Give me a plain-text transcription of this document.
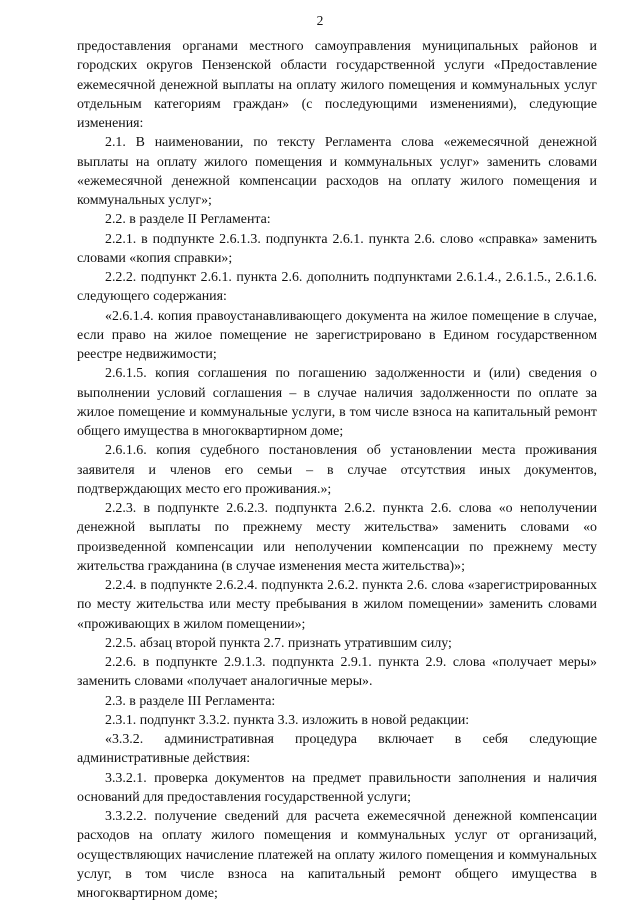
2

предоставления органами местного самоуправления муниципальных районов и городских округов Пензенской области государственной услуги «Предоставление ежемесячной денежной выплаты на оплату жилого помещения и коммунальных услуг отдельным категориям граждан» (с последующими изменениями), следующие изменения:

2.1. В наименовании, по тексту Регламента слова «ежемесячной денежной выплаты на оплату жилого помещения и коммунальных услуг» заменить словами «ежемесячной денежной компенсации расходов на оплату жилого помещения и коммунальных услуг»;

2.2. в разделе II Регламента:

2.2.1. в подпункте 2.6.1.3. подпункта 2.6.1. пункта 2.6. слово «справка» заменить словами «копия справки»;

2.2.2. подпункт 2.6.1. пункта 2.6. дополнить подпунктами 2.6.1.4., 2.6.1.5., 2.6.1.6. следующего содержания:

«2.6.1.4. копия правоустанавливающего документа на жилое помещение в случае, если право на жилое помещение не зарегистрировано в Едином государственном реестре недвижимости;

2.6.1.5. копия соглашения по погашению задолженности и (или) сведения о выполнении условий соглашения – в случае наличия задолженности по оплате за жилое помещение и коммунальные услуги, в том числе взноса на капитальный ремонт общего имущества в многоквартирном доме;

2.6.1.6. копия судебного постановления об установлении места проживания заявителя и членов его семьи – в случае отсутствия иных документов, подтверждающих место его проживания.»;

2.2.3. в подпункте 2.6.2.3. подпункта 2.6.2. пункта 2.6. слова «о неполучении денежной выплаты по прежнему месту жительства» заменить словами «о произведенной компенсации или неполучении компенсации по прежнему месту жительства гражданина (в случае изменения места жительства)»;

2.2.4. в подпункте 2.6.2.4. подпункта 2.6.2. пункта 2.6. слова «зарегистрированных по месту жительства или месту пребывания в жилом помещении» заменить словами «проживающих в жилом помещении»;

2.2.5. абзац второй пункта 2.7. признать утратившим силу;

2.2.6. в подпункте 2.9.1.3. подпункта 2.9.1. пункта 2.9. слова «получает меры» заменить словами «получает аналогичные меры».

2.3. в разделе III Регламента:

2.3.1. подпункт 3.3.2. пункта 3.3. изложить в новой редакции:

«3.3.2. административная процедура включает в себя следующие административные действия:

3.3.2.1. проверка документов на предмет правильности заполнения и наличия оснований для предоставления государственной услуги;

3.3.2.2. получение сведений для расчета ежемесячной денежной компенсации расходов на оплату жилого помещения и коммунальных услуг от организаций, осуществляющих начисление платежей на оплату жилого помещения и коммунальных услуг, в том числе взноса на капитальный ремонт общего имущества в многоквартирном доме;
